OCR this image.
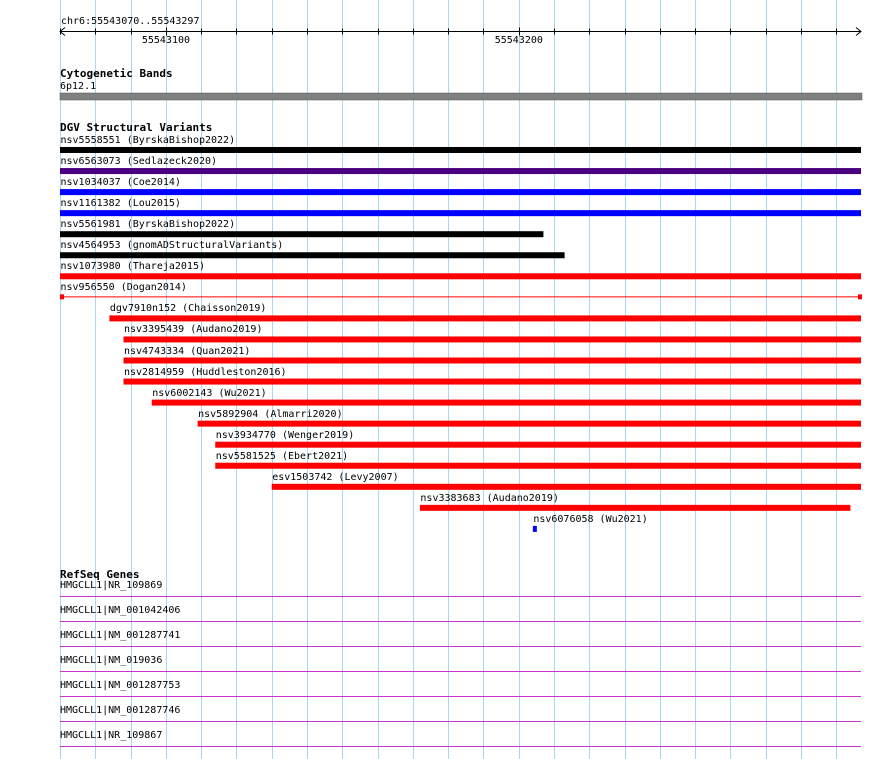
chr6:55543070..55543297
Cytogenetic Bands
6p12.1
DGV Structural Variants
RefSeq Genes
55543100	55543200
nsv5558551 (ByrskaBishop2022)
nsv6563073 (Sedlazeck2020)
nsv1034037 (Coe2014)
nsv1161382 (Lou2015)
nsv5561981 (ByrskaBishop2022)
nsv4564953 (gnomADStructuralVariants)
nsv1073980 (Thareja2015)
nsv956550 (Dogan2014)
dgv7910n152 (Chaisson2019)
nsv3395439 (Audano2019)
nsv4743334 (Quan2021)
nsv2814959 (Huddleston2016)
nsv6002143 (Wu2021)
nsv5892904 (Almarri2020)
nsv3934770 (Wenger2019)
nsv5581525 (Ebert2021)
esv1503742 (Levy2007)
nsv3383683 (Audano2019)
nsv6076058 (Wu2021)
HMGCLL1|NR_109869
HMGCLL1|NM_001042406
HMGCLL1|NM_001287741
HMGCLL1|NM_019036
HMGCLL1|NM_001287753
HMGCLL1|NM_001287746
HMGCLL1|NR_109867
